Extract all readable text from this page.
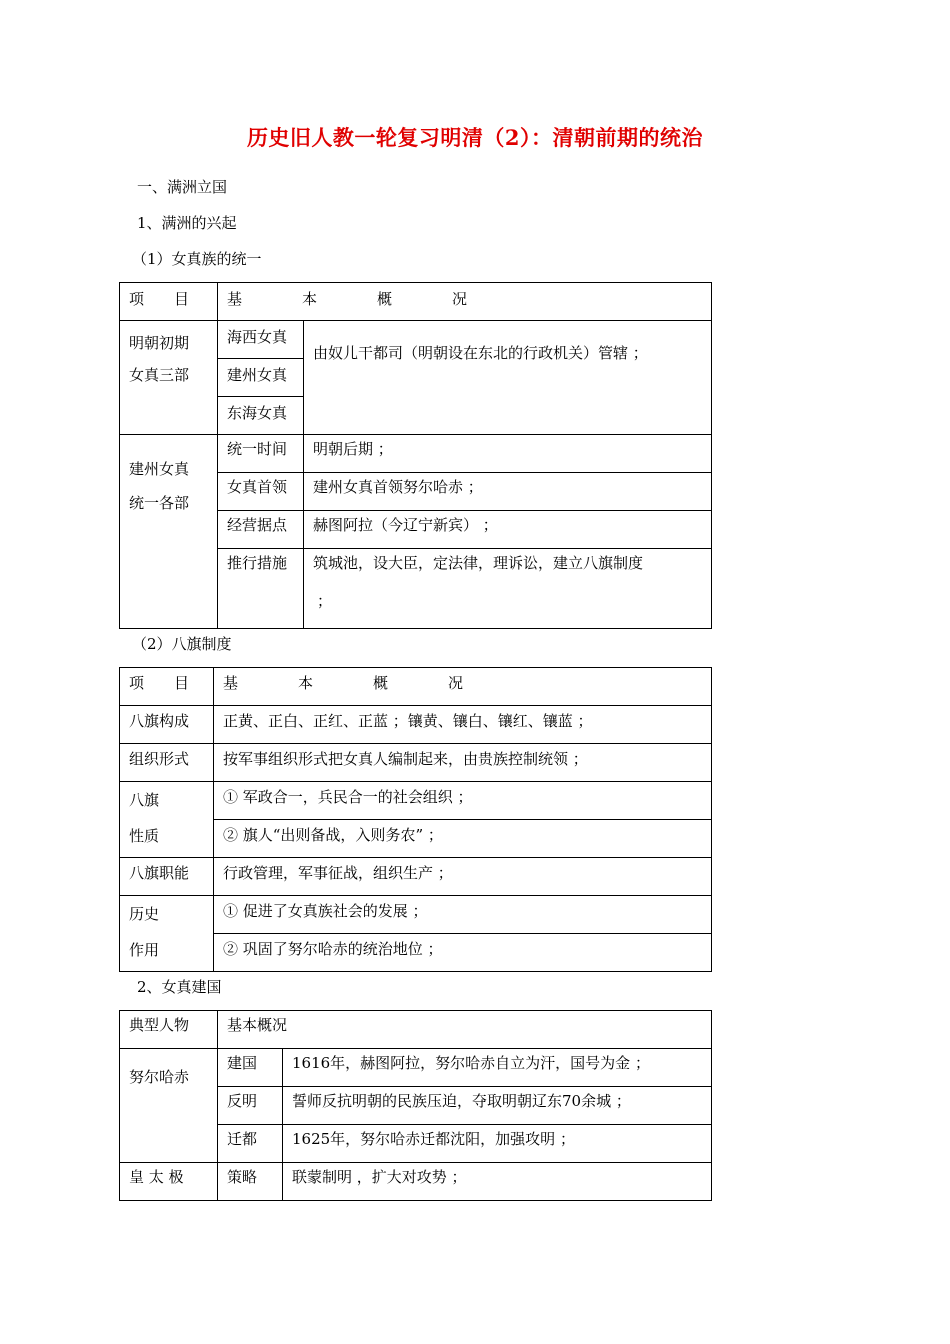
历史旧人教一轮复习明清（2）：清朝前期的统治
一、满洲立国
1、满洲的兴起
（1）女真族的统一
项　　目	基　　　　本　　　　概　　　　况	

明朝初期
女真三部	海西女真	由奴儿干都司（明朝设在东北的行政机关）管辖 ；
	建州女真	
	东海女真	

建州女真
统一各部	统一时间	明朝后期 ；
	女真首领	建州女真首领努尔哈赤 ；
	经营据点	赫图阿拉（今辽宁新宾） ；
	推行措施	筑城池，设大臣，定法律，理诉讼，建立八旗制度
；
（2）八旗制度
项　　目	基　　　　本　　　　概　　　　况
八旗构成	正黄、正白、正红、正蓝 ；镶黄、镶白、镶红、镶蓝 ；
组织形式	按军事组织形式把女真人编制起来，由贵族控制统领 ；

八旗
性质	① 军政合一，兵民合一的社会组织 ；
	② 旗人“出则备战，入则务农” ；
八旗职能	行政管理，军事征战，组织生产 ；

历史
作用	① 促进了女真族社会的发展 ；
	② 巩固了努尔哈赤的统治地位 ；
2、女真建国
典型人物	基本概况	
努尔哈赤	建国	1616年，赫图阿拉，努尔哈赤自立为汗，国号为金 ；
	反明	誓师反抗明朝的民族压迫，夺取明朝辽东70余城 ；
	迁都	1625年，努尔哈赤迁都沈阳，加强攻明 ；
皇 太 极	策略	联蒙制明 ，扩大对攻势 ；
